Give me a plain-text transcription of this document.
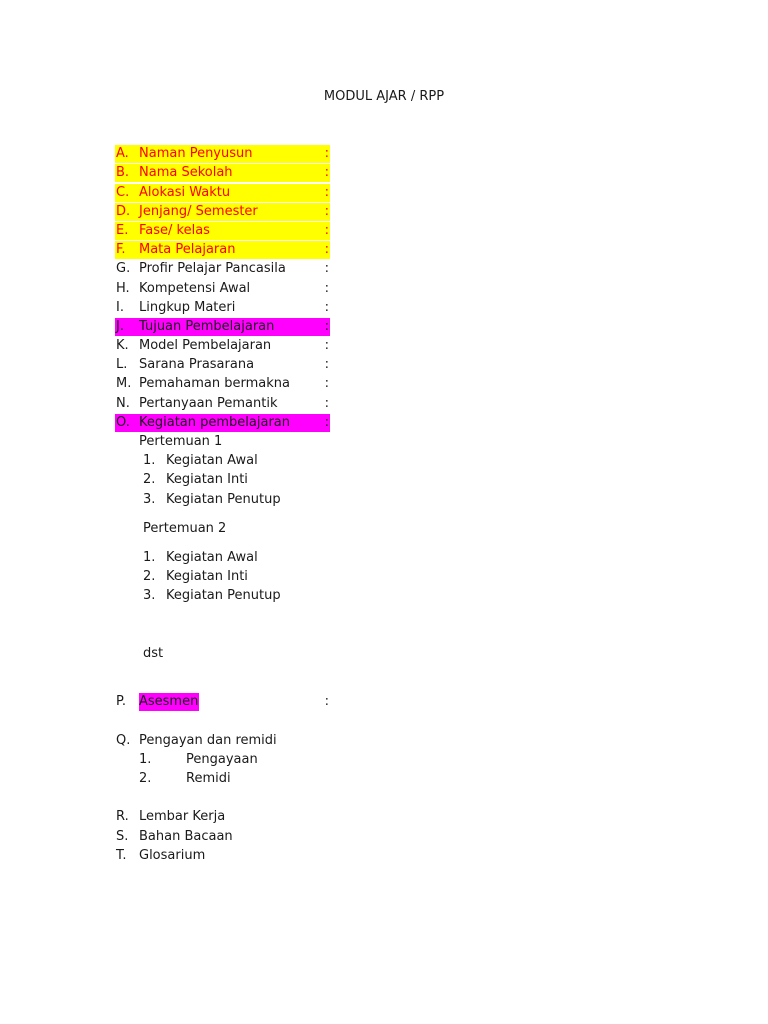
MODUL AJAR / RPP
A. Naman Penyusun	:
B. Nama Sekolah	:
C. Alokasi Waktu	:
D. Jenjang/ Semester	:
E. Fase/ kelas	:
F. Mata Pelajaran	:
G. Profir Pelajar Pancasila	:
H. Kompetensi Awal	:
I. Lingkup Materi	:
J. Tujuan Pembelajaran	:
K. Model Pembelajaran	:
L. Sarana Prasarana	:
M. Pemahaman bermakna	:
N. Pertanyaan Pemantik	:
O. Kegiatan pembelajaran	:
Pertemuan 1
1. Kegiatan Awal
2. Kegiatan Inti
3. Kegiatan Penutup
Pertemuan 2
1. Kegiatan Awal
2. Kegiatan Inti
3. Kegiatan Penutup
dst
P. Asesmen	:
Q. Pengayan dan remidi
1.	Pengayaan
2.	Remidi
R. Lembar Kerja
S. Bahan Bacaan
T. Glosarium
